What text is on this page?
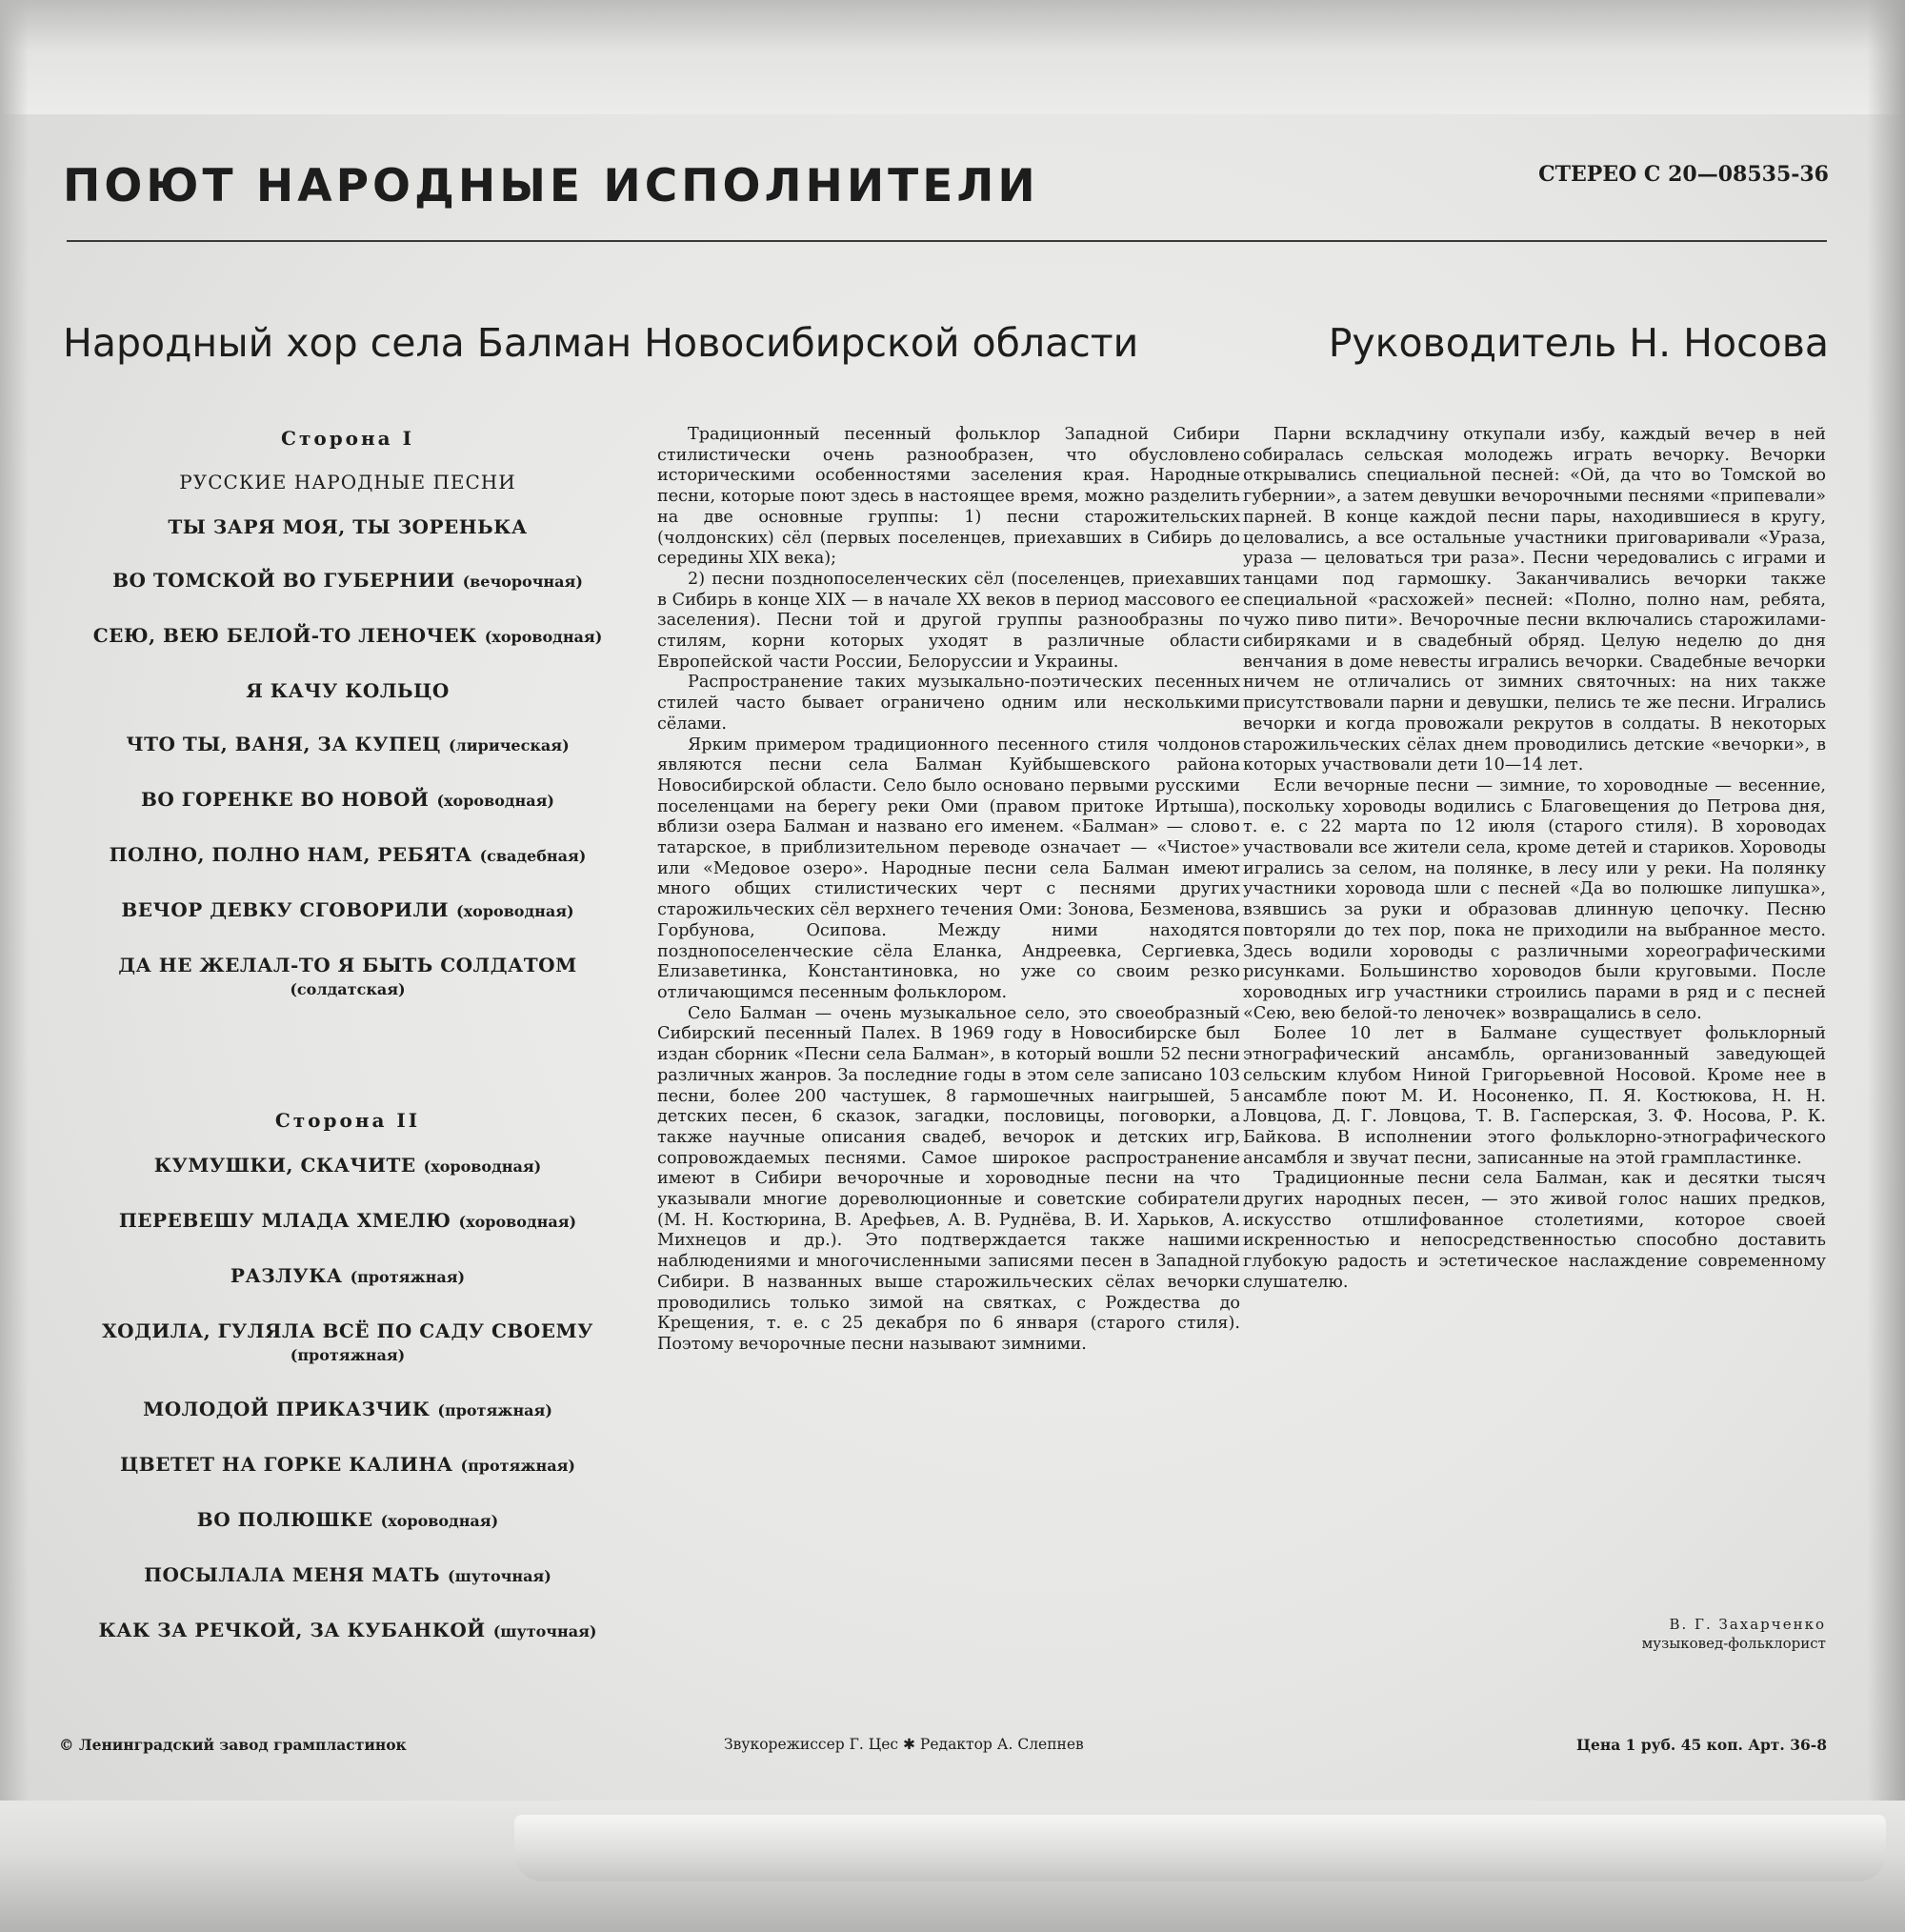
ПОЮТ НАРОДНЫЕ ИСПОЛНИТЕЛИ	СТЕРЕО С 20—08535-36
Народный хор села Балман Новосибирской области	Руководитель Н. Носова
Сторона I
РУССКИЕ НАРОДНЫЕ ПЕСНИ
ТЫ ЗАРЯ МОЯ, ТЫ ЗОРЕНЬКА
ВО ТОМСКОЙ ВО ГУБЕРНИИ (вечорочная)
СЕЮ, ВЕЮ БЕЛОЙ-ТО ЛЕНОЧЕК (хороводная)
Я КАЧУ КОЛЬЦО
ЧТО ТЫ, ВАНЯ, ЗА КУПЕЦ (лирическая)
ВО ГОРЕНКЕ ВО НОВОЙ (хороводная)
ПОЛНО, ПОЛНО НАМ, РЕБЯТА (свадебная)
ВЕЧОР ДЕВКУ СГОВОРИЛИ (хороводная)
ДА НЕ ЖЕЛАЛ-ТО Я БЫТЬ СОЛДАТОМ
(солдатская)
Сторона II
КУМУШКИ, СКАЧИТЕ (хороводная)
ПЕРЕВЕШУ МЛАДА ХМЕЛЮ (хороводная)
РАЗЛУКА (протяжная)
ХОДИЛА, ГУЛЯЛА ВСЁ ПО САДУ СВОЕМУ
(протяжная)
МОЛОДОЙ ПРИКАЗЧИК (протяжная)
ЦВЕТЕТ НА ГОРКЕ КАЛИНА (протяжная)
ВО ПОЛЮШКЕ (хороводная)
ПОСЫЛАЛА МЕНЯ МАТЬ (шуточная)
КАК ЗА РЕЧКОЙ, ЗА КУБАНКОЙ (шуточная)

Традиционный песенный фольклор Западной Сибири стилистически очень разнообразен, что обусловлено историческими особенностями заселения края. Народные песни, которые поют здесь в настоящее время, можно разделить на две основные группы: 1) песни старожительских (чолдонских) сёл (первых поселенцев, приехавших в Сибирь до середины XIX века);

2) песни позднопоселенческих сёл (поселенцев, приехавших в Сибирь в конце XIX — в начале XX веков в период массового ее заселения). Песни той и другой группы разнообразны по стилям, корни которых уходят в различные области Европейской части России, Белоруссии и Украины.

Распространение таких музыкально-поэтических песенных стилей часто бывает ограничено одним или несколькими сёлами.

Ярким примером традиционного песенного стиля чолдонов являются песни села Балман Куйбышевского района Новосибирской области. Село было основано первыми русскими поселенцами на берегу реки Оми (правом притоке Иртыша), вблизи озера Балман и названо его именем. «Балман» — слово татарское, в приблизительном переводе означает — «Чистое» или «Медовое озеро». Народные песни села Балман имеют много общих стилистических черт с песнями других старожильческих сёл верхнего течения Оми: Зонова, Безменова, Горбунова, Осипова. Между ними находятся позднопоселенческие сёла Еланка, Андреевка, Сергиевка, Елизаветинка, Константиновка, но уже со своим резко отличающимся песенным фольклором.

Село Балман — очень музыкальное село, это своеобразный Сибирский песенный Палех. В 1969 году в Новосибирске был издан сборник «Песни села Балман», в который вошли 52 песни различных жанров. За последние годы в этом селе записано 103 песни, более 200 частушек, 8 гармошечных наигрышей, 5 детских песен, 6 сказок, загадки, пословицы, поговорки, а также научные описания свадеб, вечорок и детских игр, сопровождаемых песнями. Самое широкое распространение имеют в Сибири вечорочные и хороводные песни на что указывали многие дореволюционные и советские собиратели (М. Н. Костюрина, В. Арефьев, А. В. Руднёва, В. И. Харьков, А. Михнецов и др.). Это подтверждается также нашими наблюдениями и многочисленными записями песен в Западной Сибири. В названных выше старожильческих сёлах вечорки проводились только зимой на святках, с Рождества до Крещения, т. е. с 25 декабря по 6 января (старого стиля). Поэтому вечорочные песни называют зимними.

Парни вскладчину откупали избу, каждый вечер в ней собиралась сельская молодежь играть вечорку. Вечорки открывались специальной песней: «Ой, да что во Томской во губернии», а затем девушки вечорочными песнями «припевали» парней. В конце каждой песни пары, находившиеся в кругу, целовались, а все остальные участники приговаривали «Ураза, ураза — целоваться три раза». Песни чередовались с играми и танцами под гармошку. Заканчивались вечорки также специальной «расхожей» песней: «Полно, полно нам, ребята, чужо пиво пити». Вечорочные песни включались старожилами-сибиряками и в свадебный обряд. Целую неделю до дня венчания в доме невесты игрались вечорки. Свадебные вечорки ничем не отличались от зимних святочных: на них также присутствовали парни и девушки, пелись те же песни. Игрались вечорки и когда провожали рекрутов в солдаты. В некоторых старожильческих сёлах днем проводились детские «вечорки», в которых участвовали дети 10—14 лет.

Если вечорные песни — зимние, то хороводные — весенние, поскольку хороводы водились с Благовещения до Петрова дня, т. е. с 22 марта по 12 июля (старого стиля). В хороводах участвовали все жители села, кроме детей и стариков. Хороводы игрались за селом, на полянке, в лесу или у реки. На полянку участники хоровода шли с песней «Да во полюшке липушка», взявшись за руки и образовав длинную цепочку. Песню повторяли до тех пор, пока не приходили на выбранное место. Здесь водили хороводы с различными хореографическими рисунками. Большинство хороводов были круговыми. После хороводных игр участники строились парами в ряд и с песней «Сею, вею белой-то леночек» возвращались в село.

Более 10 лет в Балмане существует фольклорный этнографический ансамбль, организованный заведующей сельским клубом Ниной Григорьевной Носовой. Кроме нее в ансамбле поют М. И. Носоненко, П. Я. Костюкова, Н. Н. Ловцова, Д. Г. Ловцова, Т. В. Гасперская, З. Ф. Носова, Р. К. Байкова. В исполнении этого фольклорно-этнографического ансамбля и звучат песни, записанные на этой грампластинке.

Традиционные песни села Балман, как и десятки тысяч других народных песен, — это живой голос наших предков, искусство отшлифованное столетиями, которое своей искренностью и непосредственностью способно доставить глубокую радость и эстетическое наслаждение современному слушателю.

В. Г. Захарченко
музыковед-фольклорист
© Ленинградский завод грампластинок	Звукорежиссер Г. Цес ✱ Редактор А. Слепнев	Цена 1 руб. 45 коп. Арт. 36-8
